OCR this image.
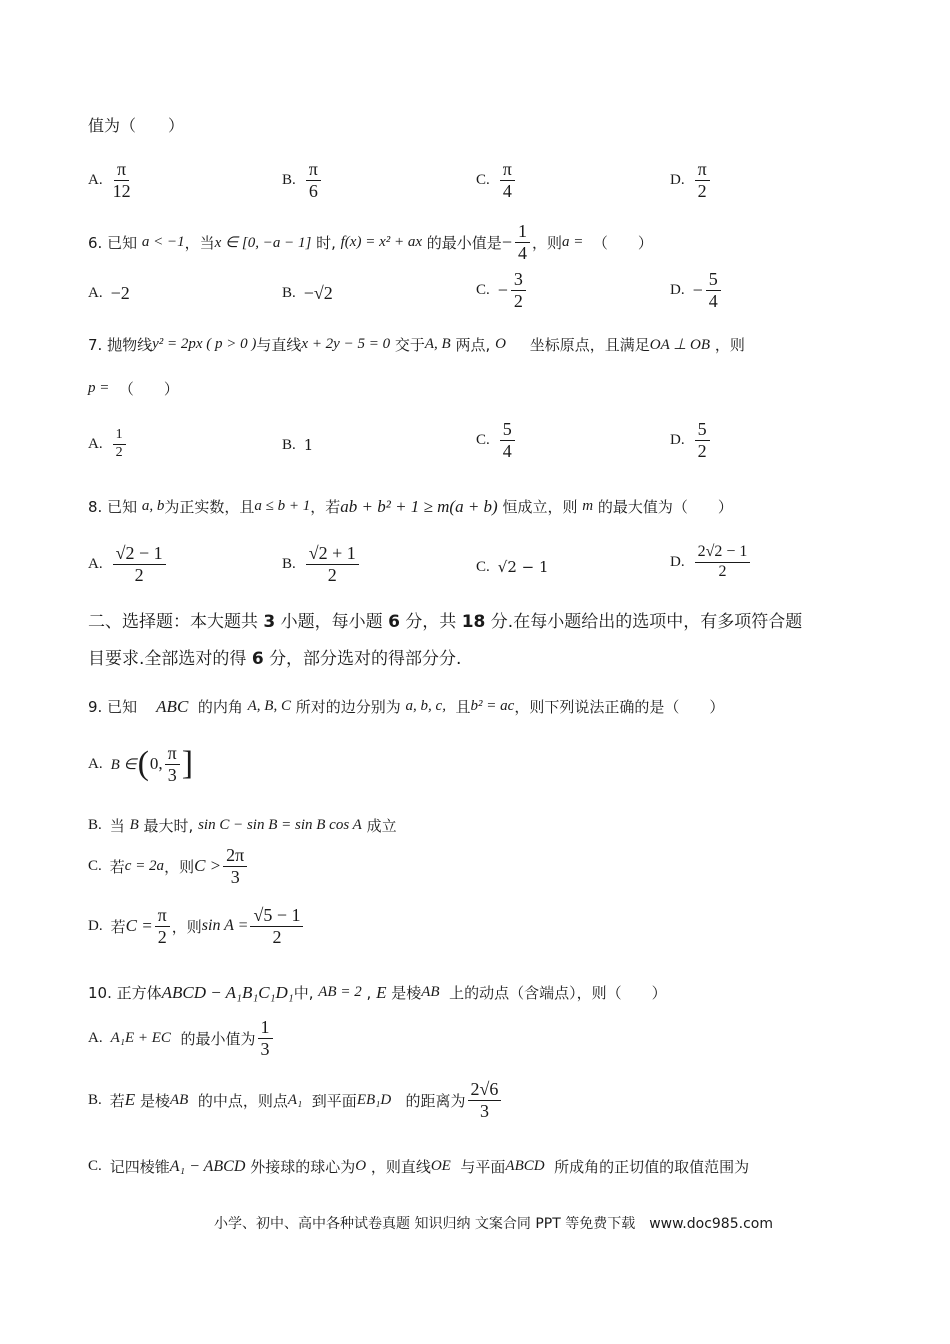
值为（　　）
A. $\frac{\pi}{12}$	B. $\frac{\pi}{6}$	C. $\frac{\pi}{4}$	D. $\frac{\pi}{2}$
6. 已知
a < −1 ，当 x ∈ [0, −a − 1]
时,
f(x) = x² + ax
的最小值是 − $\frac{1}{4}$ ，则 a =
（　　）
A. −2	B. −√2	C. − $\frac{3}{2}$	D. − $\frac{5}{4}$
7. 抛物线 y² = 2px ( p > 0 ) 与直线 x + 2y − 5 = 0
交于 A, B
两点,
O
坐标原点，且满足 OA ⊥ OB
，则
p =
（　　）
A. $\frac{1}{2}$	B. 1	C. $\frac{5}{4}$	D. $\frac{5}{2}$
8. 已知
a, b 为正实数，且 a ≤ b + 1 ，若 ab + b² + 1 ≥ m(a + b)
恒成立，则
m
的最大值为（　　）
A. $\frac{√2 - 1}{2}$	B. $\frac{√2 + 1}{2}$	C. √2 − 1	D. $\frac{2√2 - 1}{2}$
二、选择题：本大题共 3 小题，每小题 6 分，共 18 分.在每小题给出的选项中，有多项符合题
目要求.全部选对的得 6 分，部分选对的得部分分.
9. 已知
ABC
的内角
A, B, C
所对的边分别为
a, b, c,
且 b² = ac ，则下列说法正确的是（　　）
A. B ∈ ( 0, $\frac{\pi}{3}$ ]
B. 当
B
最大时,
sin C − sin B = sin B cos A
成立
C. 若 c = 2a ，则 $C > \frac{2\pi}{3}$
D. 若 $C = \frac{\pi}{2}$ ，则 $\sin A = \frac{√5 - 1}{2}$
10. 正方体 ABCD − A₁B₁C₁D₁ 中,
AB = 2
,
E
是棱 AB
上的动点（含端点），则（　　）
A. A₁E + EC
的最小值为 $\frac{1}{3}$
B. 若 E
是棱 AB
的中点，则点 A₁
到平面 EB₁D
的距离为 $\frac{2√6}{3}$
C. 记四棱锥 A₁ − ABCD
外接球的球心为 O
，则直线 OE
与平面 ABCD
所成角的正切值的取值范围为
小学、初中、高中各种试卷真题 知识归纳 文案合同 PPT 等免费下载　www.doc985.com
